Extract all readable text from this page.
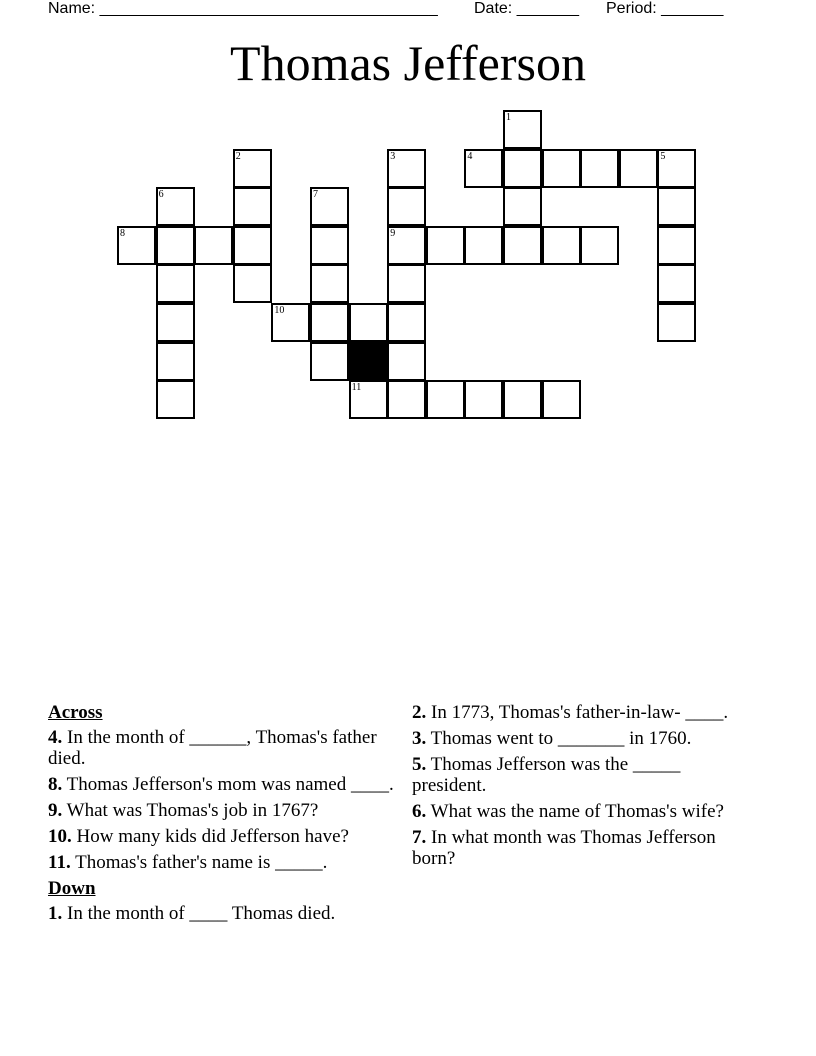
Name: ______________________________________ Date: _______ Period: _______
Thomas Jefferson
1
2	3	4	5
6	7
8	9
10
11
Across
4. In the month of ______, Thomas's father died.
8. Thomas Jefferson's mom was named ____.
9. What was Thomas's job in 1767?
10. How many kids did Jefferson have?
11. Thomas's father's name is _____.
Down
1. In the month of ____ Thomas died.
2. In 1773, Thomas's father-in-law- ____.
3. Thomas went to _______ in 1760.
5. Thomas Jefferson was the _____ president.
6. What was the name of Thomas's wife?
7. In what month was Thomas Jefferson born?
